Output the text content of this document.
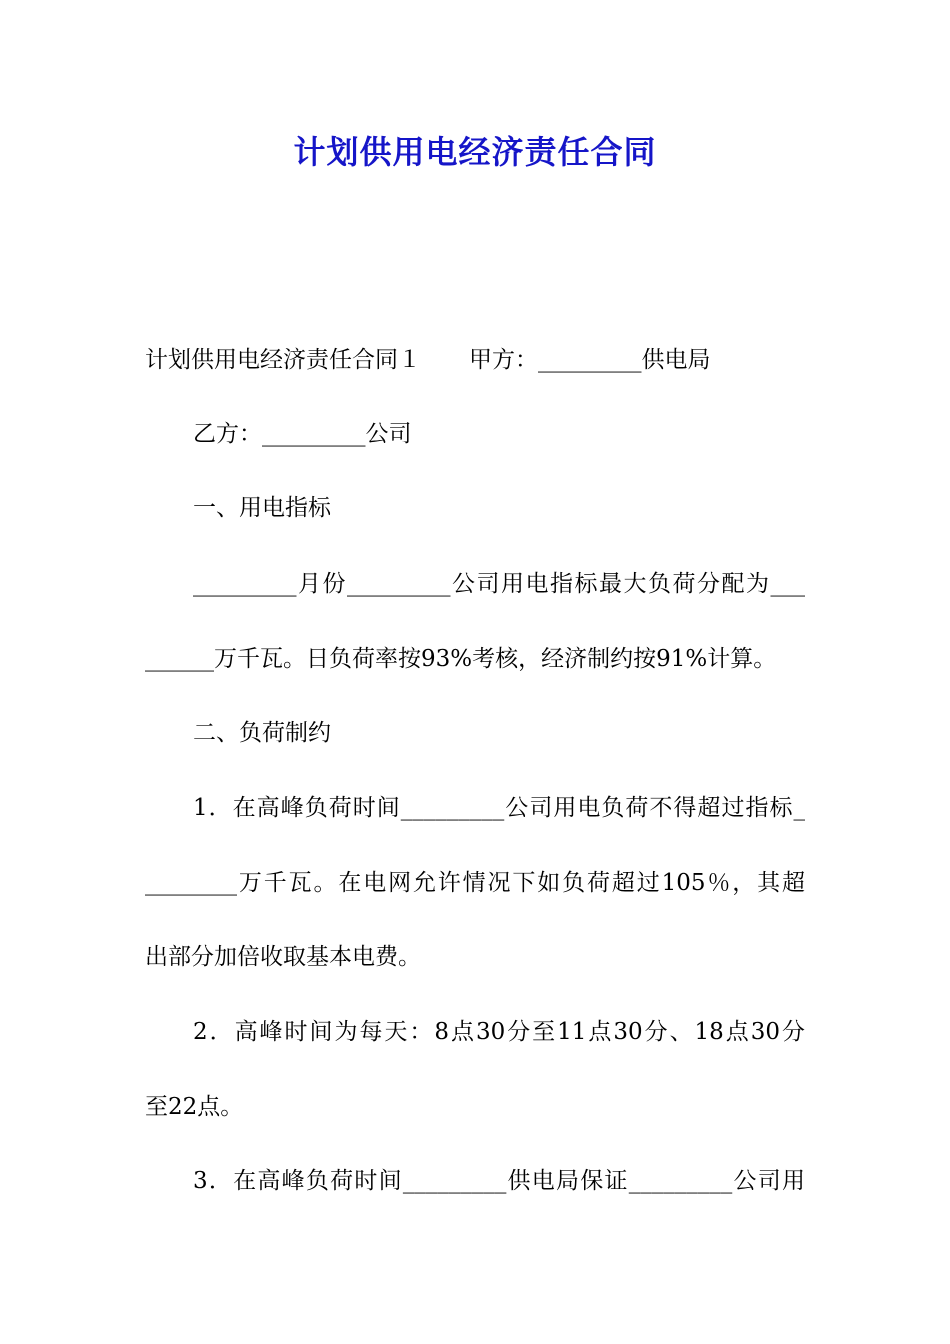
计划供用电经济责任合同
计划供用电经济责任合同１ 甲方：_________供电局
乙方：_________公司
一、用电指标
_________月份_________公司用电指标最大负荷分配为___
______万千瓦。日负荷率按93%考核，经济制约按91%计算。
二、负荷制约
1．在高峰负荷时间_________公司用电负荷不得超过指标_
________万千瓦。在电网允许情况下如负荷超过105％，其超
出部分加倍收取基本电费。
2．高峰时间为每天：8点30分至11点30分、18点30分
至22点。
3．在高峰负荷时间_________供电局保证_________公司用
